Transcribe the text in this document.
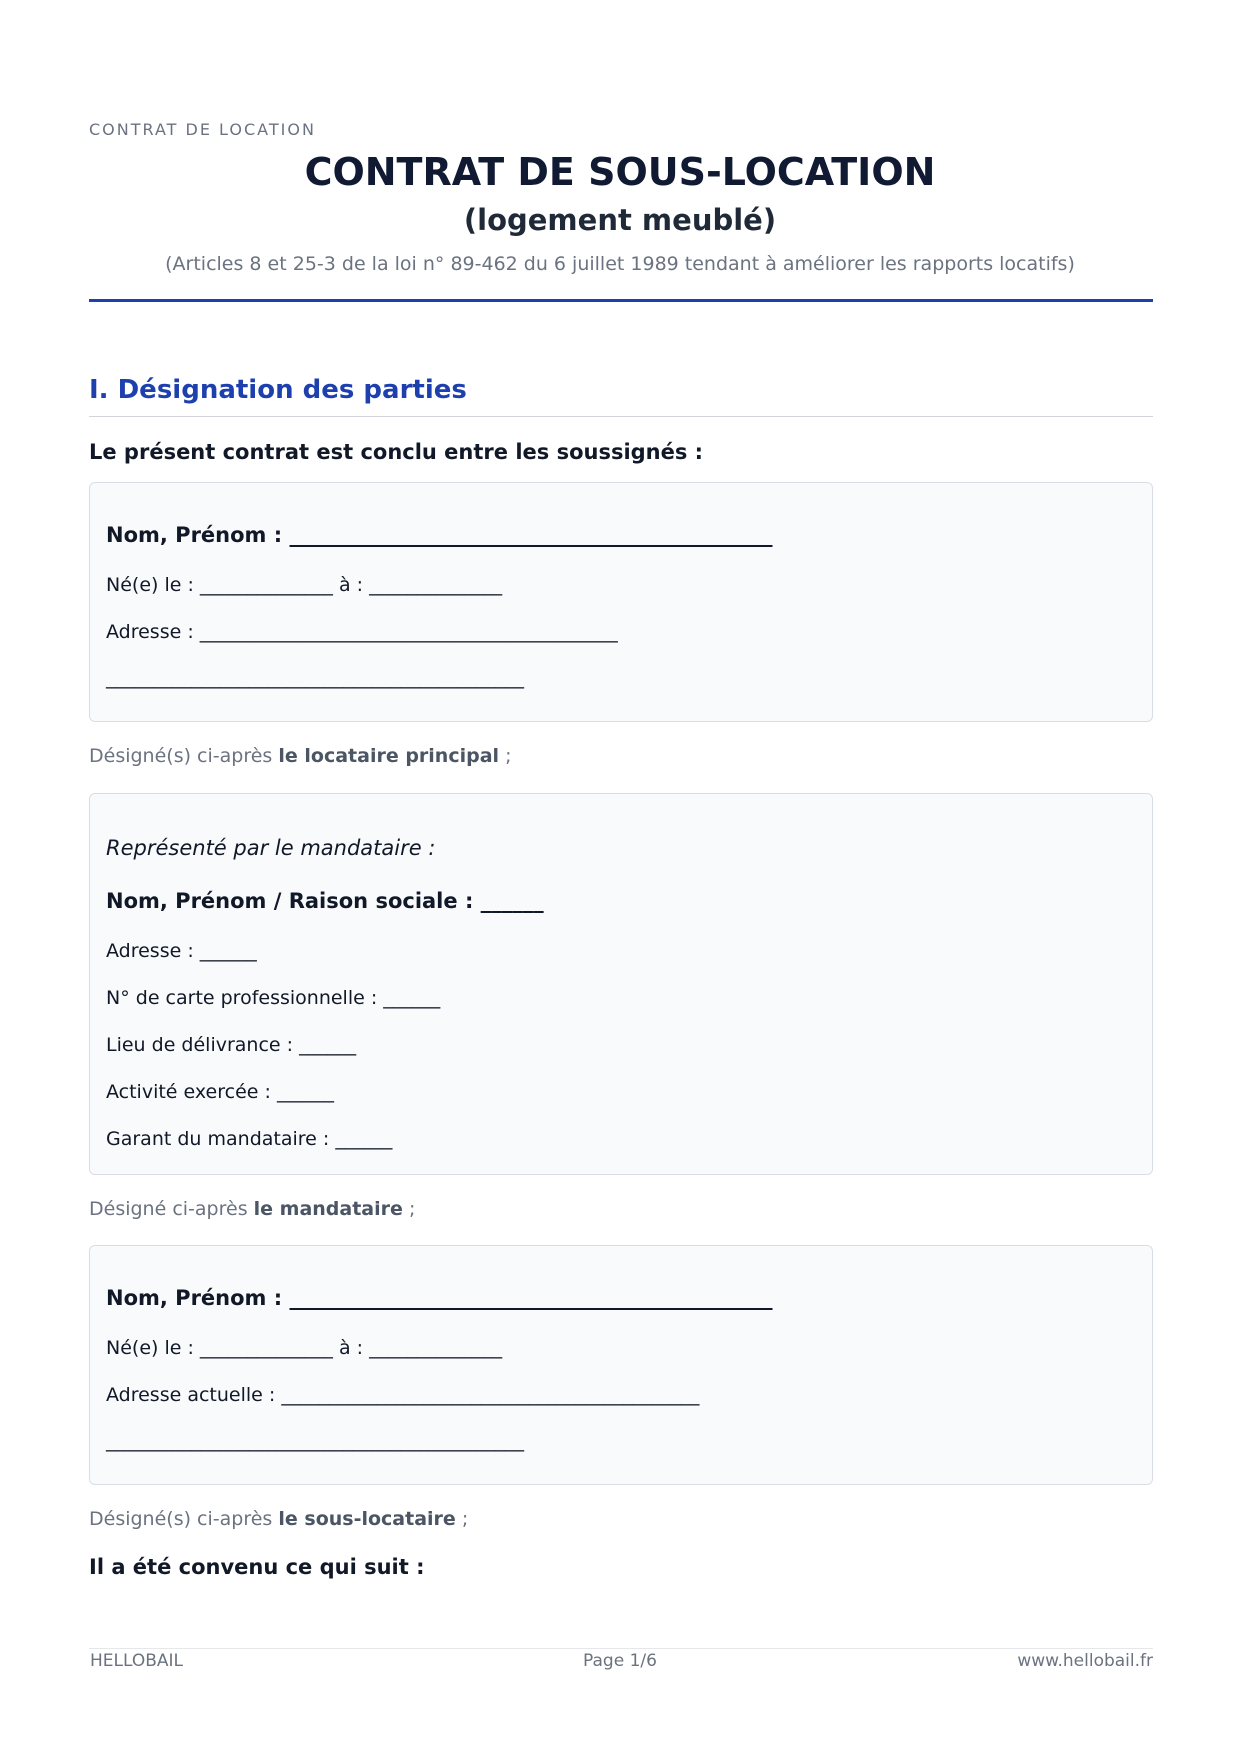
CONTRAT DE LOCATION
CONTRAT DE SOUS-LOCATION
(logement meublé)
(Articles 8 et 25-3 de la loi n° 89-462 du 6 juillet 1989 tendant à améliorer les rapports locatifs)
I. Désignation des parties
Le présent contrat est conclu entre les soussignés :
Nom, Prénom : ______________________________________________
Né(e) le : ______________ à : ______________
Adresse : ____________________________________________
____________________________________________
Désigné(s) ci-après le locataire principal ;
Représenté par le mandataire :
Nom, Prénom / Raison sociale : ______
Adresse : ______
N° de carte professionnelle : ______
Lieu de délivrance : ______
Activité exercée : ______
Garant du mandataire : ______
Désigné ci-après le mandataire ;
Nom, Prénom : ______________________________________________
Né(e) le : ______________ à : ______________
Adresse actuelle : ____________________________________________
____________________________________________
Désigné(s) ci-après le sous-locataire ;
Il a été convenu ce qui suit :
HELLOBAIL	Page 1/6	www.hellobail.fr
